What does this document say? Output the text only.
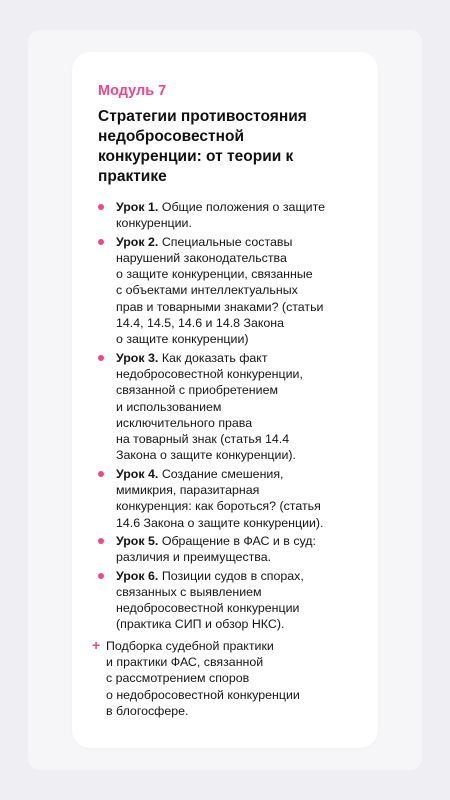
Модуль 7
Стратегии противостояния
недобросовестной
конкуренции: от теории к
практике
Урок 1. Общие положения о защите
конкуренции.
Урок 2. Специальные составы
нарушений законодательства
о защите конкуренции, связанные
с объектами интеллектуальных
прав и товарными знаками? (статьи
14.4, 14.5, 14.6 и 14.8 Закона
о защите конкуренции)
Урок 3. Как доказать факт
недобросовестной конкуренции,
связанной с приобретением
и использованием
исключительного права
на товарный знак (статья 14.4
Закона о защите конкуренции).
Урок 4. Создание смешения,
мимикрия, паразитарная
конкуренция: как бороться? (статья
14.6 Закона о защите конкуренции).
Урок 5. Обращение в ФАС и в суд:
различия и преимущества.
Урок 6. Позиции судов в спорах,
связанных с выявлением
недобросовестной конкуренции
(практика СИП и обзор НКС).
+ Подборка судебной практики
и практики ФАС, связанной
с рассмотрением споров
о недобросовестной конкуренции
в блогосфере.
